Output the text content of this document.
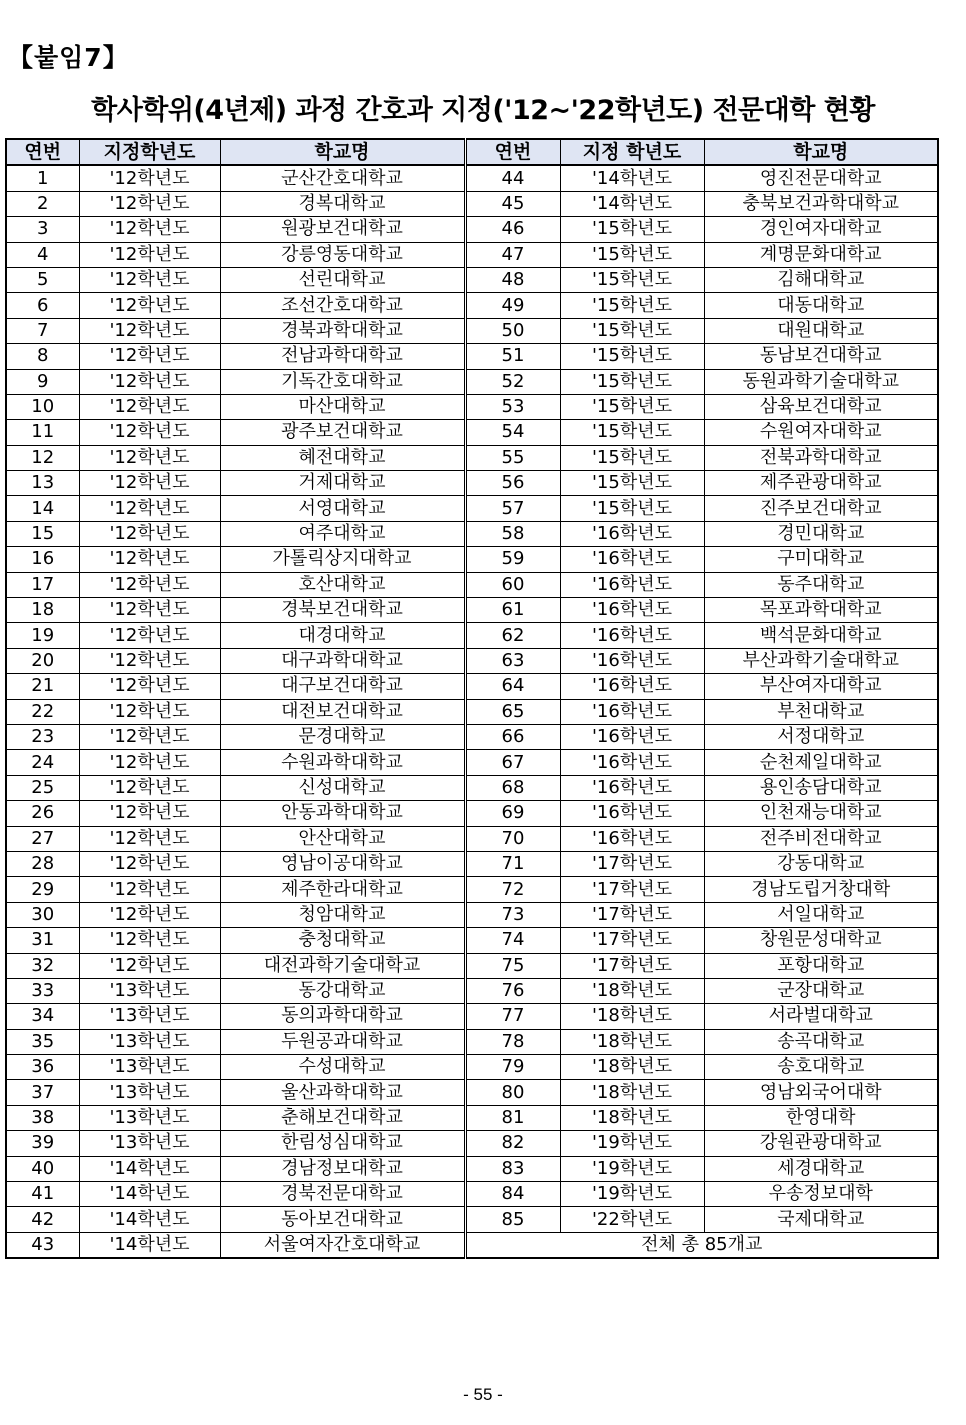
【붙임7】
학사학위(4년제) 과정 간호과 지정('12~'22학년도) 전문대학 현황
연번	지정학년도	학교명	연번	지정 학년도	학교명
1	'12학년도	군산간호대학교	44	'14학년도	영진전문대학교
2	'12학년도	경복대학교	45	'14학년도	충북보건과학대학교
3	'12학년도	원광보건대학교	46	'15학년도	경인여자대학교
4	'12학년도	강릉영동대학교	47	'15학년도	계명문화대학교
5	'12학년도	선린대학교	48	'15학년도	김해대학교
6	'12학년도	조선간호대학교	49	'15학년도	대동대학교
7	'12학년도	경북과학대학교	50	'15학년도	대원대학교
8	'12학년도	전남과학대학교	51	'15학년도	동남보건대학교
9	'12학년도	기독간호대학교	52	'15학년도	동원과학기술대학교
10	'12학년도	마산대학교	53	'15학년도	삼육보건대학교
11	'12학년도	광주보건대학교	54	'15학년도	수원여자대학교
12	'12학년도	혜전대학교	55	'15학년도	전북과학대학교
13	'12학년도	거제대학교	56	'15학년도	제주관광대학교
14	'12학년도	서영대학교	57	'15학년도	진주보건대학교
15	'12학년도	여주대학교	58	'16학년도	경민대학교
16	'12학년도	가톨릭상지대학교	59	'16학년도	구미대학교
17	'12학년도	호산대학교	60	'16학년도	동주대학교
18	'12학년도	경북보건대학교	61	'16학년도	목포과학대학교
19	'12학년도	대경대학교	62	'16학년도	백석문화대학교
20	'12학년도	대구과학대학교	63	'16학년도	부산과학기술대학교
21	'12학년도	대구보건대학교	64	'16학년도	부산여자대학교
22	'12학년도	대전보건대학교	65	'16학년도	부천대학교
23	'12학년도	문경대학교	66	'16학년도	서정대학교
24	'12학년도	수원과학대학교	67	'16학년도	순천제일대학교
25	'12학년도	신성대학교	68	'16학년도	용인송담대학교
26	'12학년도	안동과학대학교	69	'16학년도	인천재능대학교
27	'12학년도	안산대학교	70	'16학년도	전주비전대학교
28	'12학년도	영남이공대학교	71	'17학년도	강동대학교
29	'12학년도	제주한라대학교	72	'17학년도	경남도립거창대학
30	'12학년도	청암대학교	73	'17학년도	서일대학교
31	'12학년도	충청대학교	74	'17학년도	창원문성대학교
32	'12학년도	대전과학기술대학교	75	'17학년도	포항대학교
33	'13학년도	동강대학교	76	'18학년도	군장대학교
34	'13학년도	동의과학대학교	77	'18학년도	서라벌대학교
35	'13학년도	두원공과대학교	78	'18학년도	송곡대학교
36	'13학년도	수성대학교	79	'18학년도	송호대학교
37	'13학년도	울산과학대학교	80	'18학년도	영남외국어대학
38	'13학년도	춘해보건대학교	81	'18학년도	한영대학
39	'13학년도	한림성심대학교	82	'19학년도	강원관광대학교
40	'14학년도	경남정보대학교	83	'19학년도	세경대학교
41	'14학년도	경북전문대학교	84	'19학년도	우송정보대학
42	'14학년도	동아보건대학교	85	'22학년도	국제대학교
43	'14학년도	서울여자간호대학교	전체 총 85개교		
- 55 -
